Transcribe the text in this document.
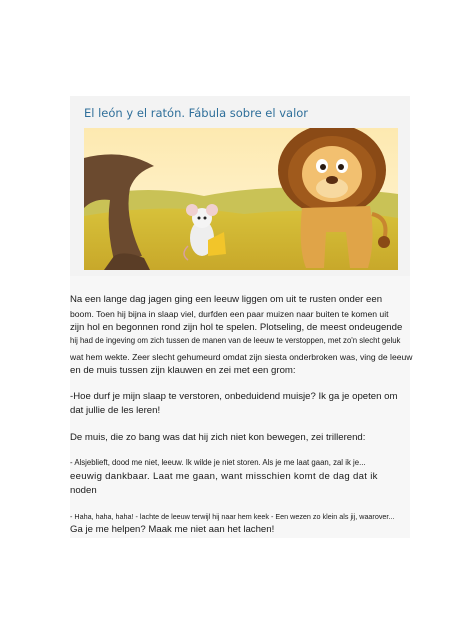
El león y el ratón. Fábula sobre el valor

Na een lange dag jagen ging een leeuw liggen om uit te rusten onder een
boom. Toen hij bijna in slaap viel, durfden een paar muizen naar buiten te komen uit
zijn hol en begonnen rond zijn hol te spelen. Plotseling, de meest ondeugende

hij had de ingeving om zich tussen de manen van de leeuw te verstoppen, met zo'n slecht geluk

wat hem wekte. Zeer slecht gehumeurd omdat zijn siesta onderbroken was, ving de leeuw
en de muis tussen zijn klauwen en zei met een grom:

-Hoe durf je mijn slaap te verstoren, onbeduidend muisje? Ik ga je opeten om
dat jullie de les leren!

De muis, die zo bang was dat hij zich niet kon bewegen, zei trillerend:

- Alsjeblieft, dood me niet, leeuw. Ik wilde je niet storen. Als je me laat gaan, zal ik je...

eeuwig dankbaar. Laat me gaan, want misschien komt de dag dat ik
noden

- Haha, haha, haha! - lachte de leeuw terwijl hij naar hem keek - Een wezen zo klein als jij, waarover...

Ga je me helpen? Maak me niet aan het lachen!
